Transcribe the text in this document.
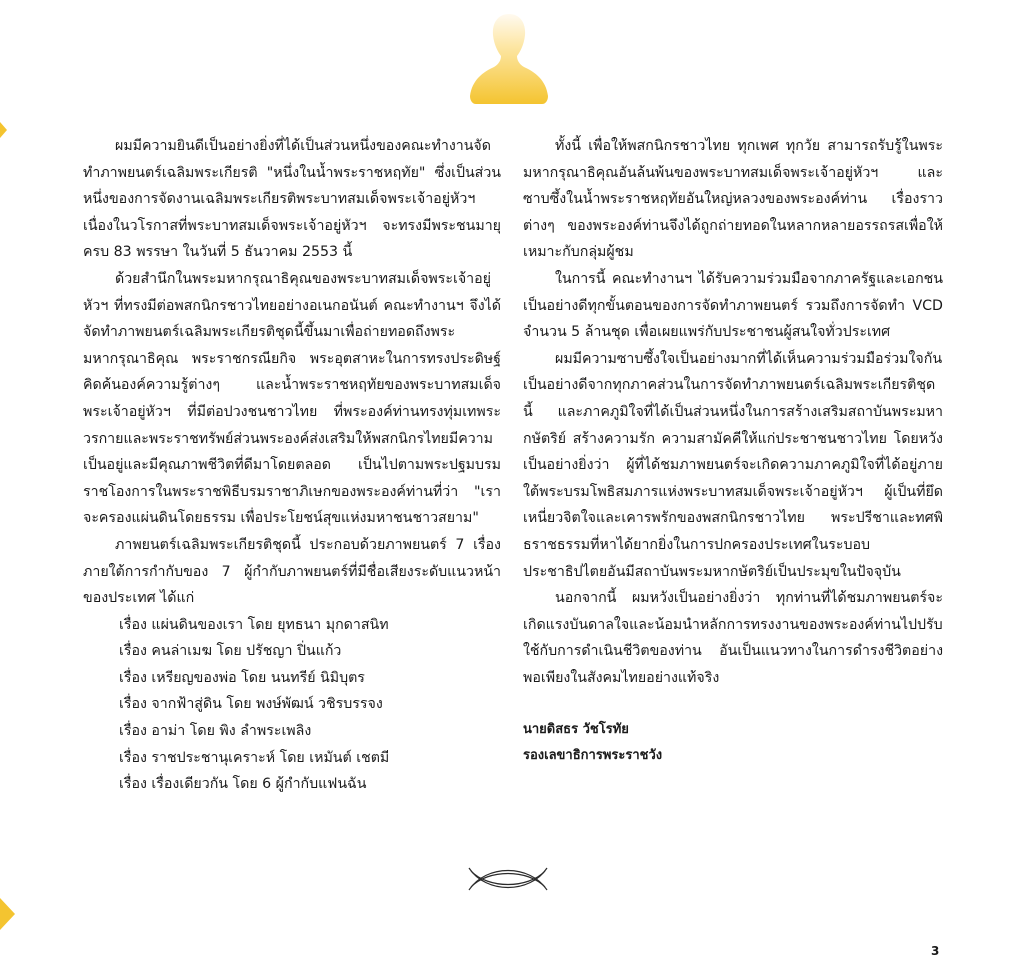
ผมมีความยินดีเป็นอย่างยิ่งที่ได้เป็นส่วนหนึ่งของคณะทำงานจัดทำภาพยนตร์เฉลิมพระเกียรติ "หนึ่งในน้ำพระราชหฤทัย" ซึ่งเป็นส่วนหนึ่งของการจัดงานเฉลิมพระเกียรติพระบาทสมเด็จพระเจ้าอยู่หัวฯ เนื่องในวโรกาสที่พระบาทสมเด็จพระเจ้าอยู่หัวฯ จะทรงมีพระชนมายุครบ 83 พรรษา ในวันที่ 5 ธันวาคม 2553 นี้

ด้วยสำนึกในพระมหากรุณาธิคุณของพระบาทสมเด็จพระเจ้าอยู่หัวฯ ที่ทรงมีต่อพสกนิกรชาวไทยอย่างอเนกอนันต์ คณะทำงานฯ จึงได้จัดทำภาพยนตร์เฉลิมพระเกียรติชุดนี้ขึ้นมาเพื่อถ่ายทอดถึงพระมหากรุณาธิคุณ พระราชกรณียกิจ พระอุตสาหะในการทรงประดิษฐ์คิดค้นองค์ความรู้ต่างๆ และน้ำพระราชหฤทัยของพระบาทสมเด็จพระเจ้าอยู่หัวฯ ที่มีต่อปวงชนชาวไทย ที่พระองค์ท่านทรงทุ่มเทพระวรกายและพระราชทรัพย์ส่วนพระองค์ส่งเสริมให้พสกนิกรไทยมีความเป็นอยู่และมีคุณภาพชีวิตที่ดีมาโดยตลอด เป็นไปตามพระปฐมบรมราชโองการในพระราชพิธีบรมราชาภิเษกของพระองค์ท่านที่ว่า "เราจะครองแผ่นดินโดยธรรม เพื่อประโยชน์สุขแห่งมหาชนชาวสยาม"

ภาพยนตร์เฉลิมพระเกียรติชุดนี้ ประกอบด้วยภาพยนตร์ 7 เรื่อง ภายใต้การกำกับของ 7 ผู้กำกับภาพยนตร์ที่มีชื่อเสียงระดับแนวหน้าของประเทศ ได้แก่

เรื่อง แผ่นดินของเรา โดย ยุทธนา มุกดาสนิท
เรื่อง คนล่าเมฆ โดย ปรัชญา ปิ่นแก้ว
เรื่อง เหรียญของพ่อ โดย นนทรีย์ นิมิบุตร
เรื่อง จากฟ้าสู่ดิน โดย พงษ์พัฒน์ วชิรบรรจง
เรื่อง อาม่า โดย พิง ลำพระเพลิง
เรื่อง ราชประชานุเคราะห์ โดย เหมันต์ เชตมี
เรื่อง เรื่องเดียวกัน โดย 6 ผู้กำกับแฟนฉัน

ทั้งนี้ เพื่อให้พสกนิกรชาวไทย ทุกเพศ ทุกวัย สามารถรับรู้ในพระมหากรุณาธิคุณอันล้นพ้นของพระบาทสมเด็จพระเจ้าอยู่หัวฯ และซาบซึ้งในน้ำพระราชหฤทัยอันใหญ่หลวงของพระองค์ท่าน เรื่องราวต่างๆ ของพระองค์ท่านจึงได้ถูกถ่ายทอดในหลากหลายอรรถรสเพื่อให้เหมาะกับกลุ่มผู้ชม

ในการนี้ คณะทำงานฯ ได้รับความร่วมมือจากภาครัฐและเอกชนเป็นอย่างดีทุกขั้นตอนของการจัดทำภาพยนตร์ รวมถึงการจัดทำ VCD จำนวน 5 ล้านชุด เพื่อเผยแพร่กับประชาชนผู้สนใจทั่วประเทศ

ผมมีความซาบซึ้งใจเป็นอย่างมากที่ได้เห็นความร่วมมือร่วมใจกันเป็นอย่างดีจากทุกภาคส่วนในการจัดทำภาพยนตร์เฉลิมพระเกียรติชุดนี้ และภาคภูมิใจที่ได้เป็นส่วนหนึ่งในการสร้างเสริมสถาบันพระมหากษัตริย์ สร้างความรัก ความสามัคคีให้แก่ประชาชนชาวไทย โดยหวังเป็นอย่างยิ่งว่า ผู้ที่ได้ชมภาพยนตร์จะเกิดความภาคภูมิใจที่ได้อยู่ภายใต้พระบรมโพธิสมภารแห่งพระบาทสมเด็จพระเจ้าอยู่หัวฯ ผู้เป็นที่ยึดเหนี่ยวจิตใจและเคารพรักของพสกนิกรชาวไทย พระปรีชาและทศพิธราชธรรมที่หาได้ยากยิ่งในการปกครองประเทศในระบอบประชาธิปไตยอันมีสถาบันพระมหากษัตริย์เป็นประมุขในปัจจุบัน

นอกจากนี้ ผมหวังเป็นอย่างยิ่งว่า ทุกท่านที่ได้ชมภาพยนตร์จะเกิดแรงบันดาลใจและน้อมนำหลักการทรงงานของพระองค์ท่านไปปรับใช้กับการดำเนินชีวิตของท่าน อันเป็นแนวทางในการดำรงชีวิตอย่างพอเพียงในสังคมไทยอย่างแท้จริง

นายดิสธร วัชโรทัย
รองเลขาธิการพระราชวัง
3
